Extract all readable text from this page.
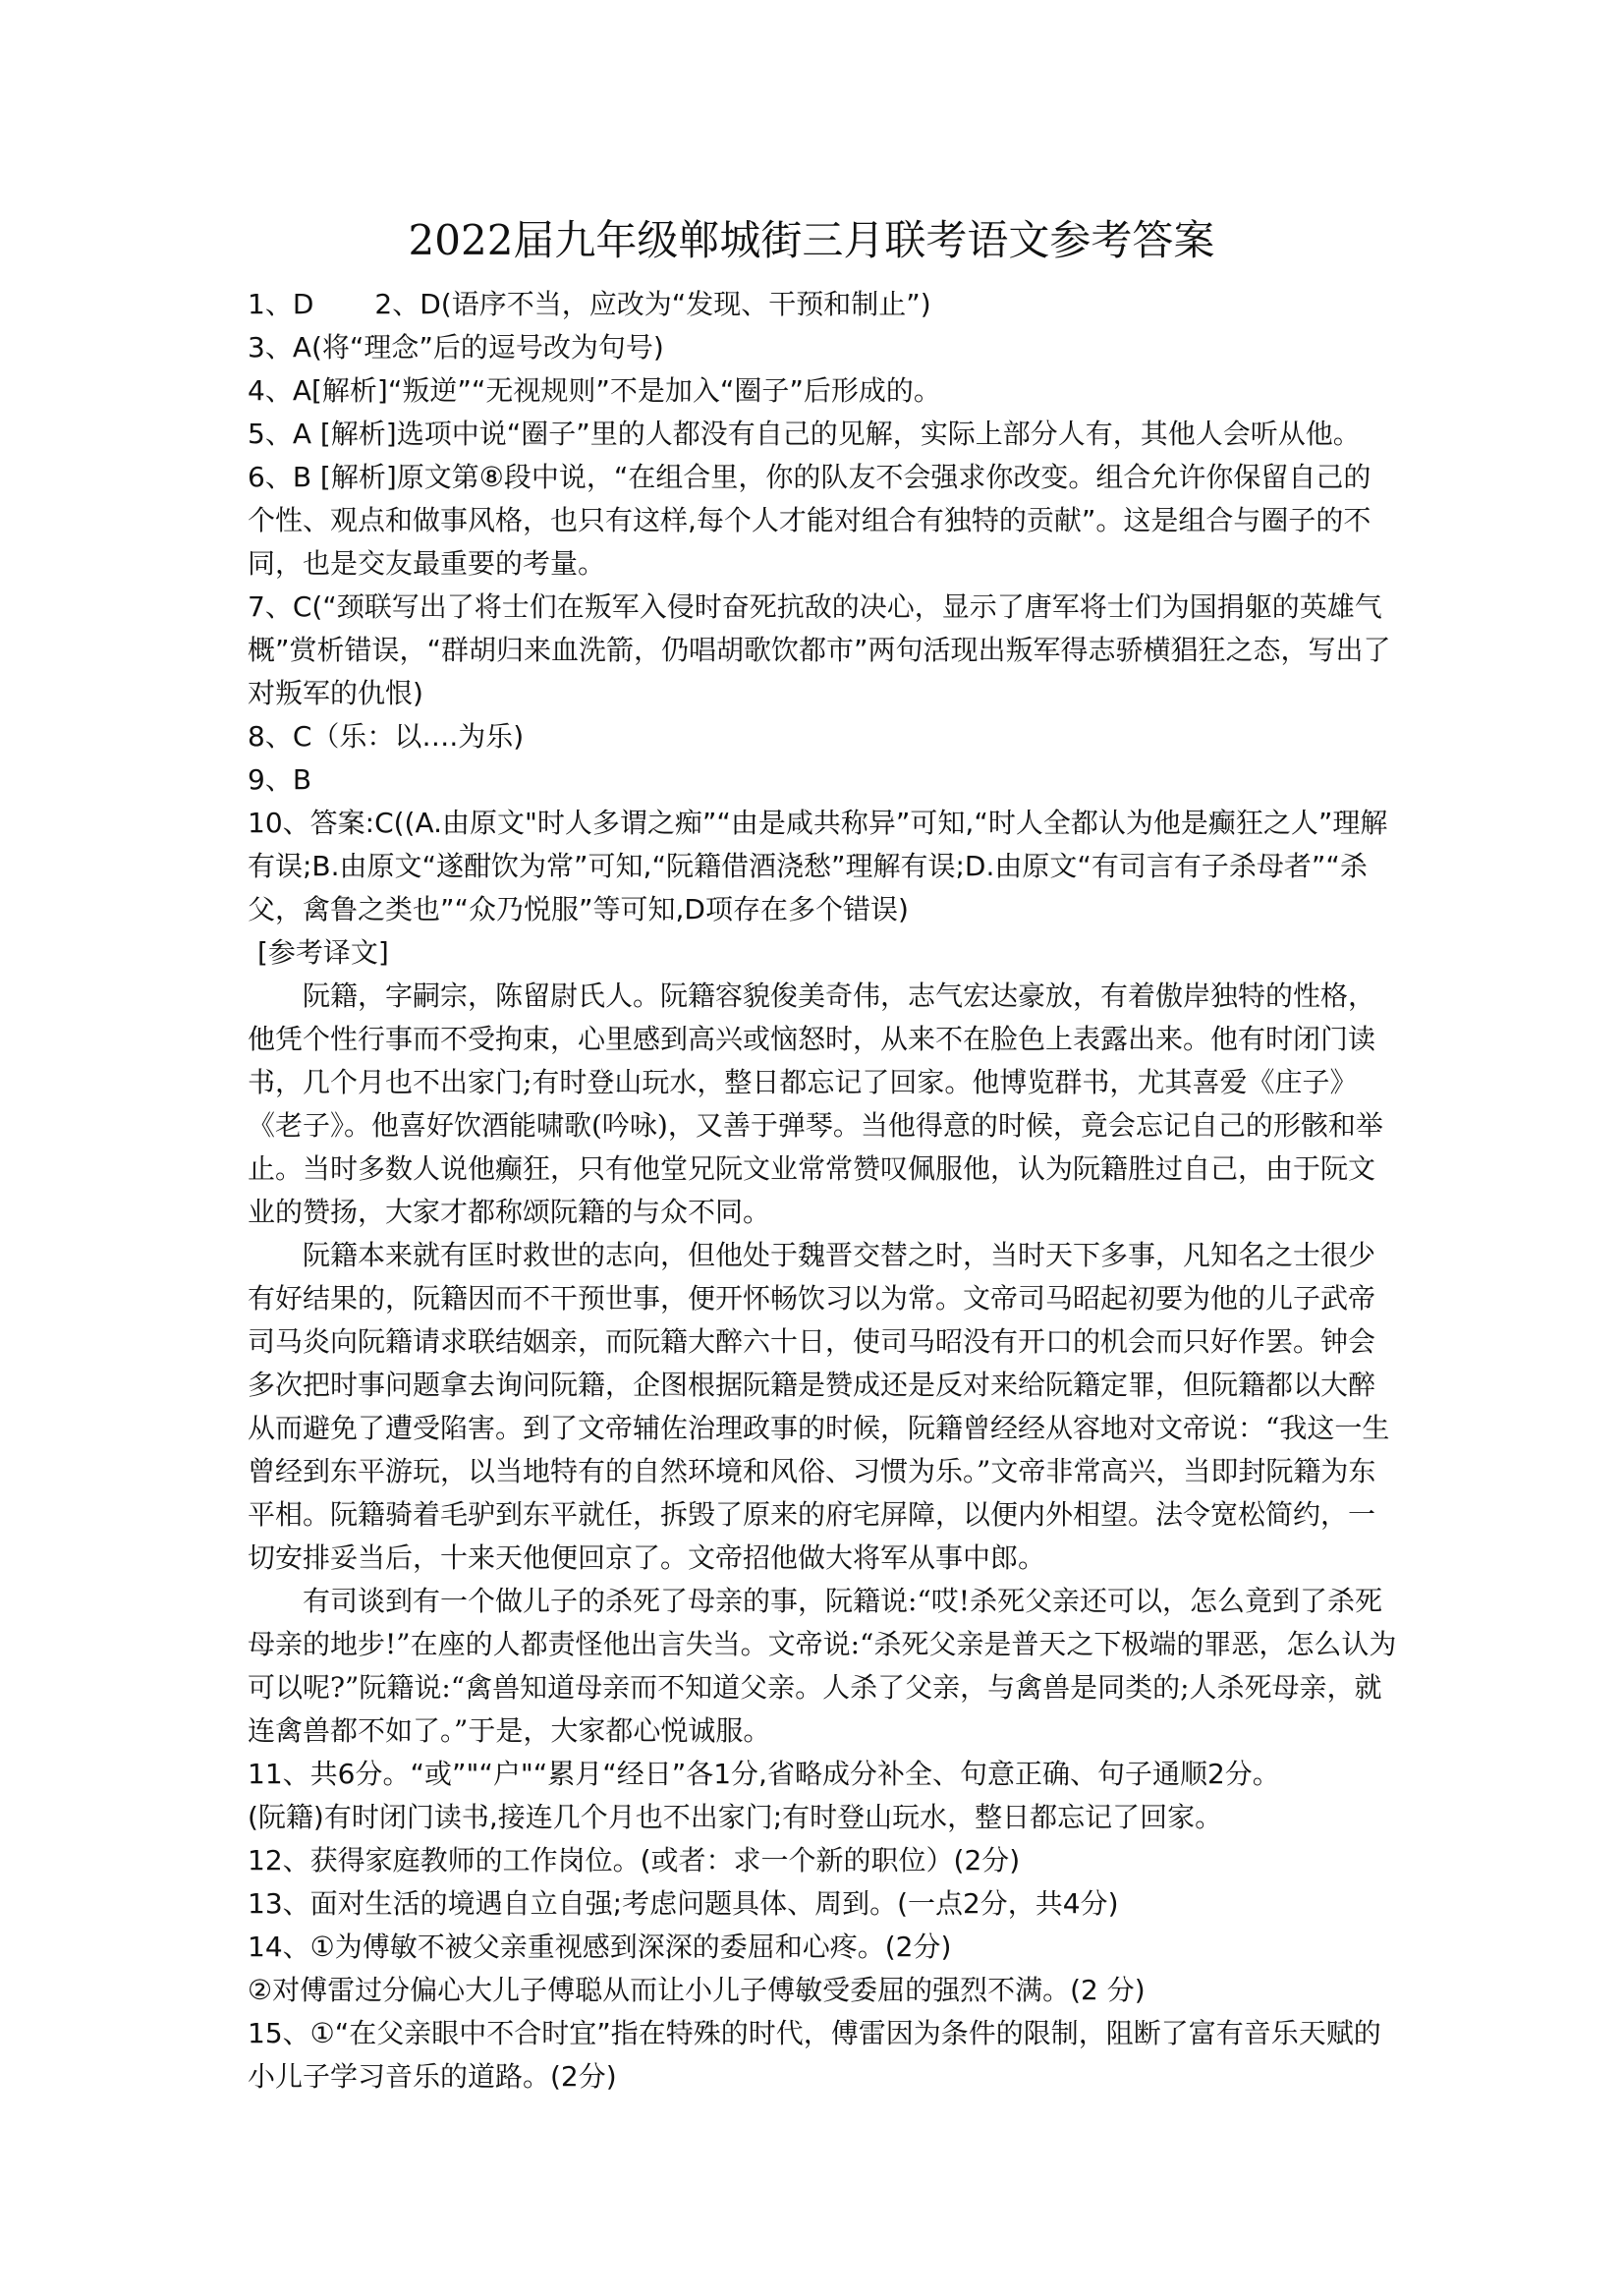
2022届九年级郸城街三月联考语文参考答案

1、D 2、D(语序不当，应改为“发现、干预和制止”)

3、A(将“理念”后的逗号改为句号)

4、A[解析]“叛逆”“无视规则”不是加入“圈子”后形成的。

5、A [解析]选项中说“圈子”里的人都没有自己的见解，实际上部分人有，其他人会听从他。

6、B [解析]原文第⑧段中说，“在组合里，你的队友不会强求你改变。组合允许你保留自己的个性、观点和做事风格，也只有这样,每个人才能对组合有独特的贡献”。这是组合与圈子的不同，也是交友最重要的考量。

7、C(“颈联写出了将士们在叛军入侵时奋死抗敌的决心，显示了唐军将士们为国捐躯的英雄气概”赏析错误，“群胡归来血洗箭，仍唱胡歌饮都市”两句活现出叛军得志骄横猖狂之态，写出了对叛军的仇恨)

8、C（乐：以….为乐)

9、B

10、答案:C((A.由原文"时人多谓之痴”“由是咸共称异”可知,“时人全都认为他是癫狂之人”理解有误;B.由原文“遂酣饮为常”可知,“阮籍借酒浇愁”理解有误;D.由原文“有司言有子杀母者”“杀父，禽鲁之类也”“众乃悦服”等可知,D项存在多个错误)

[参考译文]

阮籍，字嗣宗，陈留尉氏人。阮籍容貌俊美奇伟，志气宏达豪放，有着傲岸独特的性格，他凭个性行事而不受拘束，心里感到高兴或恼怒时，从来不在脸色上表露出来。他有时闭门读书，几个月也不出家门;有时登山玩水，整日都忘记了回家。他博览群书，尤其喜爱《庄子》《老子》。他喜好饮酒能啸歌(吟咏)，又善于弹琴。当他得意的时候，竟会忘记自己的形骸和举止。当时多数人说他癫狂，只有他堂兄阮文业常常赞叹佩服他，认为阮籍胜过自己，由于阮文业的赞扬，大家才都称颂阮籍的与众不同。

阮籍本来就有匡时救世的志向，但他处于魏晋交替之时，当时天下多事，凡知名之士很少有好结果的，阮籍因而不干预世事，便开怀畅饮习以为常。文帝司马昭起初要为他的儿子武帝司马炎向阮籍请求联结姻亲，而阮籍大醉六十日，使司马昭没有开口的机会而只好作罢。钟会多次把时事问题拿去询问阮籍，企图根据阮籍是赞成还是反对来给阮籍定罪，但阮籍都以大醉从而避免了遭受陷害。到了文帝辅佐治理政事的时候，阮籍曾经经从容地对文帝说：“我这一生曾经到东平游玩，以当地特有的自然环境和风俗、习惯为乐。”文帝非常高兴，当即封阮籍为东平相。阮籍骑着毛驴到东平就任，拆毁了原来的府宅屏障，以便内外相望。法令宽松简约，一切安排妥当后，十来天他便回京了。文帝招他做大将军从事中郎。

有司谈到有一个做儿子的杀死了母亲的事，阮籍说:“哎!杀死父亲还可以，怎么竟到了杀死母亲的地步!”在座的人都责怪他出言失当。文帝说:“杀死父亲是普天之下极端的罪恶，怎么认为可以呢?”阮籍说:“禽兽知道母亲而不知道父亲。人杀了父亲，与禽兽是同类的;人杀死母亲，就连禽兽都不如了。”于是，大家都心悦诚服。

11、共6分。“或”"“户"“累月“经日”各1分,省略成分补全、句意正确、句子通顺2分。

(阮籍)有时闭门读书,接连几个月也不出家门;有时登山玩水，整日都忘记了回家。

12、获得家庭教师的工作岗位。(或者：求一个新的职位）(2分)

13、面对生活的境遇自立自强;考虑问题具体、周到。(一点2分，共4分)

14、①为傅敏不被父亲重视感到深深的委屈和心疼。(2分)

②对傅雷过分偏心大儿子傅聪从而让小儿子傅敏受委屈的强烈不满。(2 分)

15、①“在父亲眼中不合时宜”指在特殊的时代，傅雷因为条件的限制，阻断了富有音乐天赋的小儿子学习音乐的道路。(2分)
